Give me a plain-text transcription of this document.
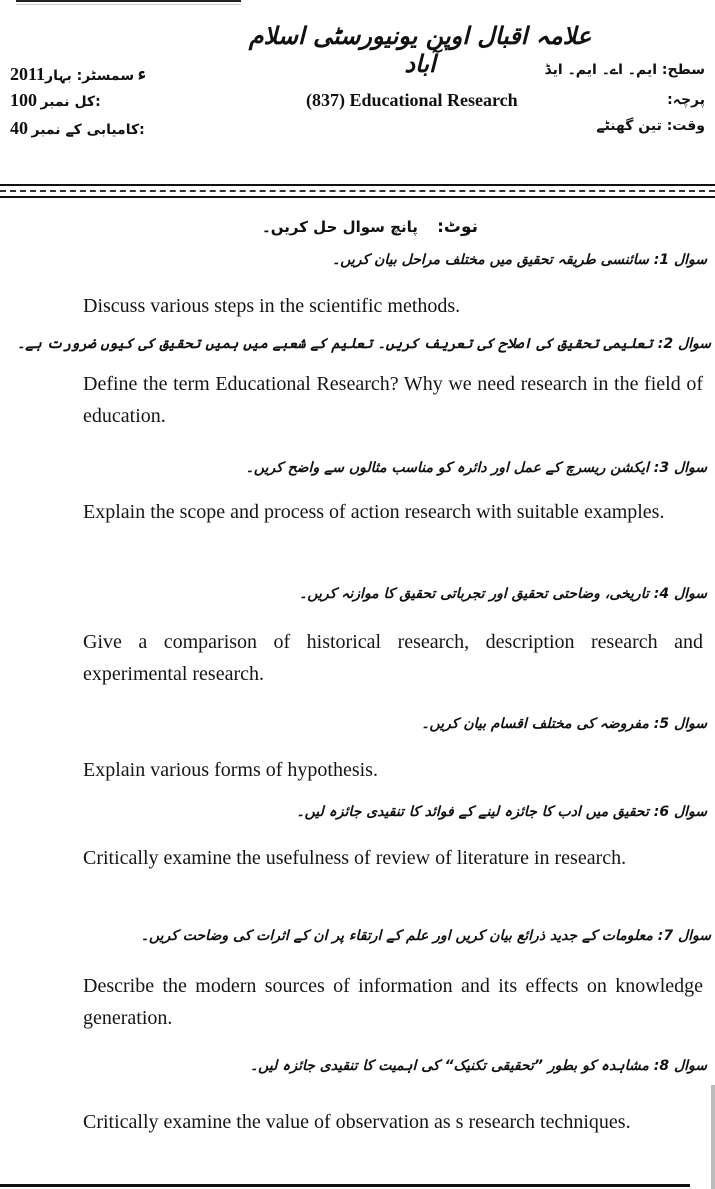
علامہ اقبال اوپن یونیورسٹی اسلام آباد	سطح: ایم۔ اے۔ ایم۔ ایڈ
پرچہ:
(837) Educational Research
وقت: تین گھنٹے
2011ء سمسٹر: بہار
100 کل نمبر:
40 کامیابی کے نمبر:
نوٹ: پانچ سوال حل کریں۔
سوال 1: سائنسی طریقہ تحقیق میں مختلف مراحل بیان کریں۔
Discuss various steps in the scientific methods.
سوال 2: تعلیمی تحقیق کی اصلاح کی تعریف کریں۔ تعلیم کے شعبے میں ہمیں تحقیق کی کیوں ضرورت ہے۔
Define the term Educational Research? Why we need research in the field of education.
سوال 3: ایکشن ریسرچ کے عمل اور دائرہ کو مناسب مثالوں سے واضح کریں۔
Explain the scope and process of action research with suitable examples.
سوال 4: تاریخی، وضاحتی تحقیق اور تجرباتی تحقیق کا موازنہ کریں۔
Give a comparison of historical research, description research and experimental research.
سوال 5: مفروضہ کی مختلف اقسام بیان کریں۔
Explain various forms of hypothesis.
سوال 6: تحقیق میں ادب کا جائزہ لینے کے فوائد کا تنقیدی جائزہ لیں۔
Critically examine the usefulness of review of literature in research.
سوال 7: معلومات کے جدید ذرائع بیان کریں اور علم کے ارتقاء پر ان کے اثرات کی وضاحت کریں۔
Describe the modern sources of information and its effects on knowledge generation.
سوال 8: مشاہدہ کو بطور ”تحقیقی تکنیک“ کی اہمیت کا تنقیدی جائزہ لیں۔
Critically examine the value of observation as s research techniques.
